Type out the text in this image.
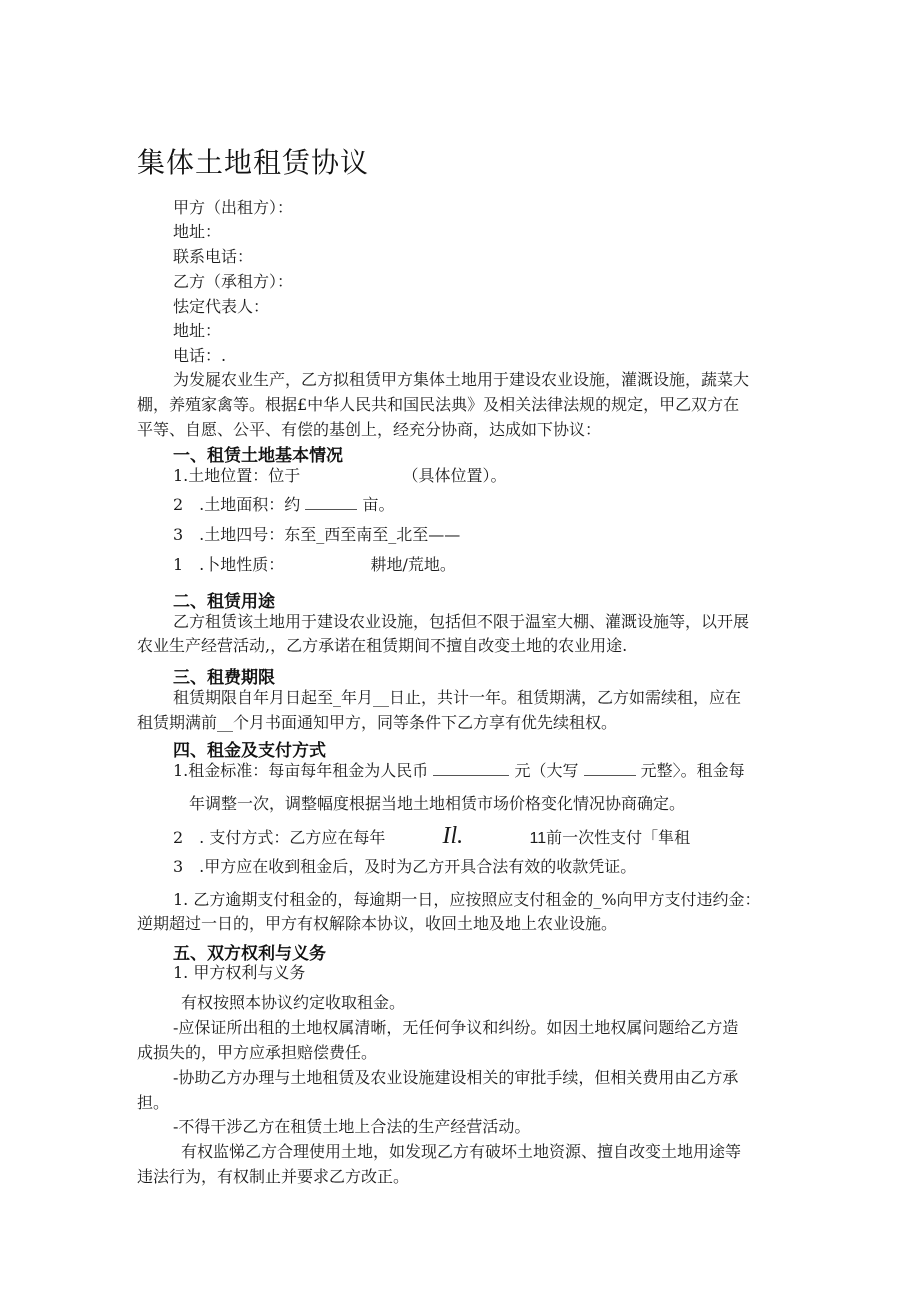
集体土地租赁协议
甲方（出租方）：
地址：
联系电话：
乙方（承租方）：
怯定代表人：
地址：
电话：.
为发屣农业生产，乙方拟租赁甲方集体土地用于建设农业设施，灌溉设施，蔬菜大
棚，养殖家禽等。根据£中华人民共和国民法典》及相关法律法规的规定，甲乙双方在
平等、自愿、公平、有偿的基创上，经充分协商，达成如下协议：
一、租赁土地基本情况
1.土地位置：位于	（具体位置）。
2　.土地面积：约	亩。
3　.土地四号：东至_西至南至_北至——
1　.卜地性质：	耕地/荒地。
二、租赁用途
乙方租赁该土地用于建设农业设施，包括但不限于温室大棚、灌溉设施等，以开展
农业生产经营活动,，乙方承诺在租赁期间不擅自改变土地的农业用途.
三、租费期限
租赁期限自年月日起至_年月__日止，共计一年。租赁期满，乙方如需续租，应在
租赁期满前__个月书面通知甲方，同等条件下乙方享有优先续租权。
四、租金及支付方式
1.租金标准：每亩每年租金为人民币	元（大写	元整〉。租金每
年调整一次，调整幅度根据当地土地相赁市场价格变化情况协商确定。
2　. 支付方式：乙方应在每年 Il.	11前一次性支付「隼租
3　.甲方应在收到租金后，及时为乙方开具合法有效的收款凭证。
1. 乙方逾期支付租金的，每逾期一日，应按照应支付租金的_%向甲方支付违约金：
逆期超过一日的，甲方有权解除本协议，收回土地及地上农业设施。
五、双方权利与义务
1. 甲方权利与义务
有权按照本协议约定收取租金。
-应保证所出租的土地权属清晰，无任何争议和纠纷。如因土地权属问题给乙方造
成损失的，甲方应承担赔偿费任。
-协助乙方办理与土地租赁及农业设施建设相关的审批手续，但相关费用由乙方承
担。
-不得干涉乙方在租赁土地上合法的生产经营活动。
有权监悌乙方合理使用土地，如发现乙方有破坏土地资源、擅自改变土地用途等
违法行为，有权制止并要求乙方改正。
